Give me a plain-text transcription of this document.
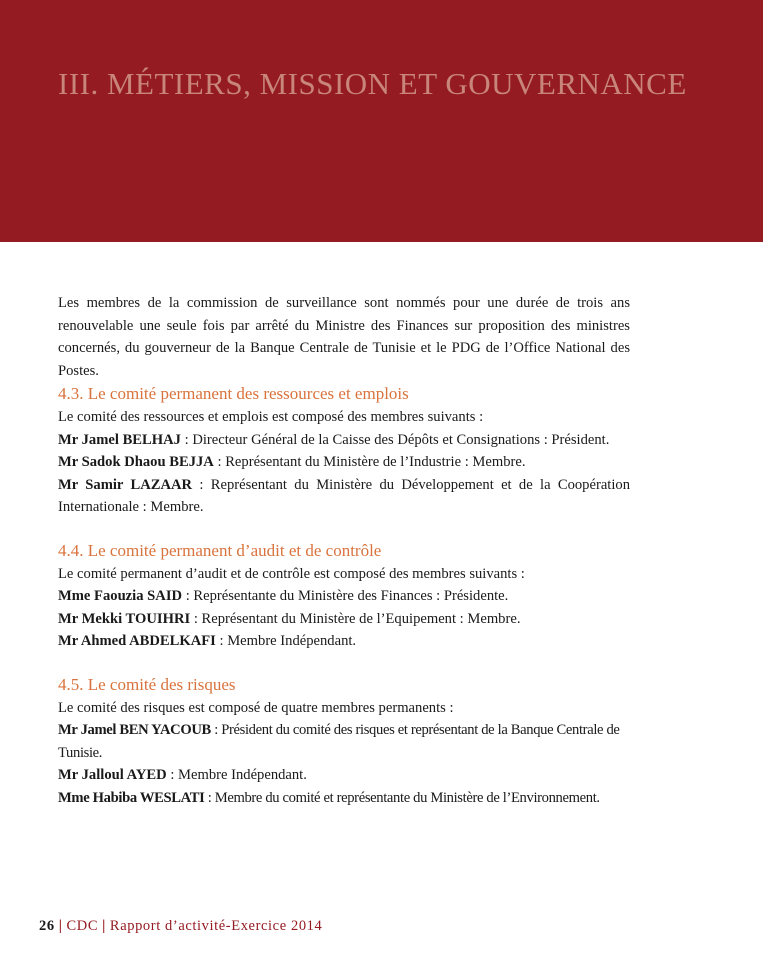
III. MÉTIERS, MISSION ET GOUVERNANCE

Les membres de la commission de surveillance sont nommés pour une durée de trois ans renouvelable une seule fois par arrêté du Ministre des Finances sur proposition des ministres concernés, du gouverneur de la Banque Centrale de Tunisie et le PDG de l’Office National des Postes.

4.3. Le comité permanent des ressources et emplois

Le comité des ressources et emplois est composé des membres suivants :

Mr Jamel BELHAJ : Directeur Général de la Caisse des Dépôts et Consignations : Président.

Mr Sadok Dhaou BEJJA : Représentant du Ministère de l’Industrie : Membre.

Mr Samir LAZAAR : Représentant du Ministère du Développement et de la Coopération Internationale : Membre.

4.4. Le comité permanent d’audit et de contrôle

Le comité permanent d’audit et de contrôle est composé des membres suivants :

Mme Faouzia SAID : Représentante du Ministère des Finances : Présidente.

Mr Mekki TOUIHRI : Représentant du Ministère de l’Equipement : Membre.

Mr Ahmed ABDELKAFI : Membre Indépendant.

4.5. Le comité des risques

Le comité des risques est composé de quatre membres permanents :

Mr Jamel BEN YACOUB : Président du comité des risques et représentant de la Banque Centrale de Tunisie.

Mr Jalloul AYED : Membre Indépendant.

Mme Habiba WESLATI : Membre du comité et représentante du Ministère de l’Environnement.

26 | CDC | Rapport d’activité-Exercice 2014
